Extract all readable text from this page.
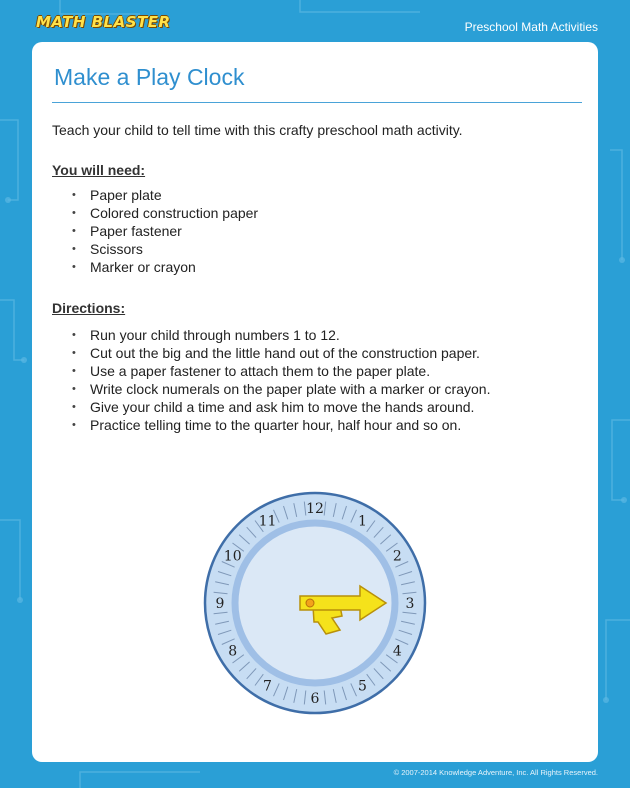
MATH BLASTER	Preschool Math Activities
Make a Play Clock
Teach your child to tell time with this crafty preschool math activity.
You will need:
• Paper plate
• Colored construction paper
• Paper fastener
• Scissors
• Marker or crayon
Directions:
• Run your child through numbers 1 to 12.
• Cut out the big and the little hand out of the construction paper.
• Use a paper fastener to attach them to the paper plate.
• Write clock numerals on the paper plate with a marker or crayon.
• Give your child a time and ask him to move the hands around.
• Practice telling time to the quarter hour, half hour and so on.
12
1
2
3
4
5
6
7
8
9
10
11
© 2007-2014 Knowledge Adventure, Inc. All Rights Reserved.
